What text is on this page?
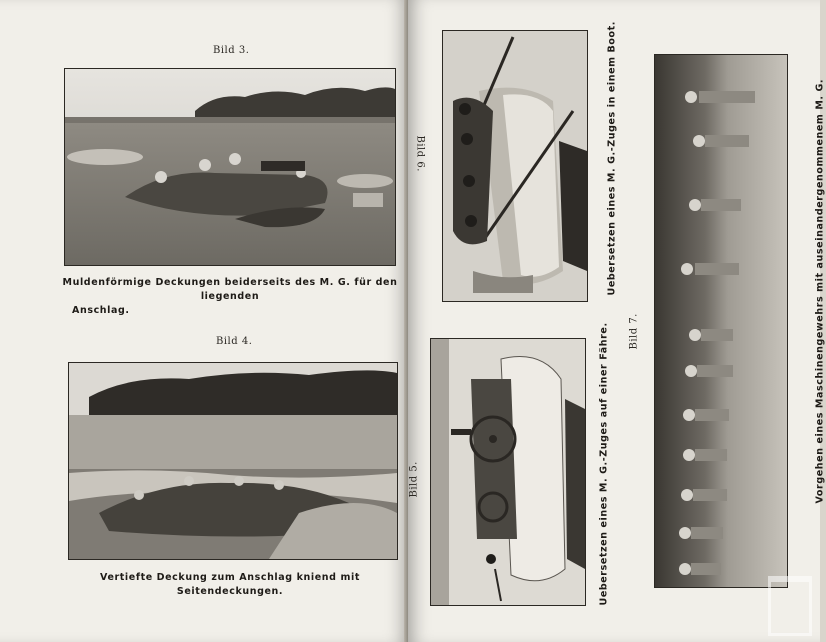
Bild 3.
Muldenförmige Deckungen beiderseits des M. G. für den liegenden
Anschlag.
Bild 4.
Vertiefte Deckung zum Anschlag kniend mit Seitendeckungen.
Bild 6.	Uebersetzen eines M. G.-Zuges in einem Boot.
Bild 5.	Uebersetzen eines M. G.-Zuges auf einer Fähre. Bild 7.	Vorgehen eines Maschinengewehrs mit auseinandergenommenem M. G.
